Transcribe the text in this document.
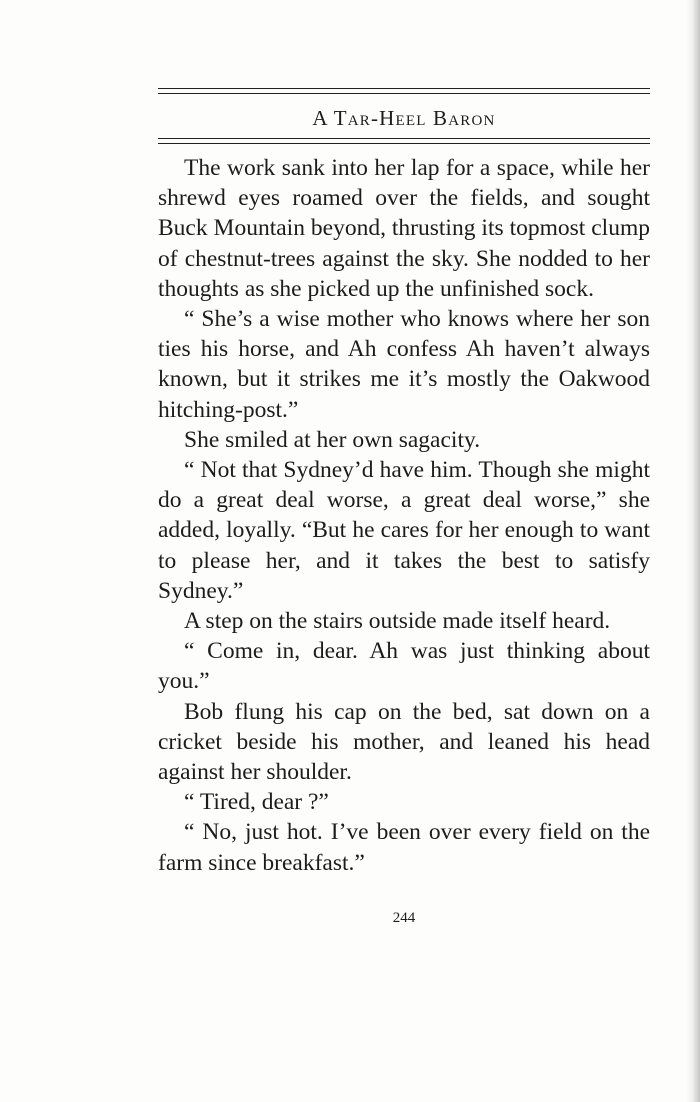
A Tar-Heel Baron

The work sank into her lap for a space, while her shrewd eyes roamed over the fields, and sought Buck Mountain beyond, thrusting its topmost clump of chestnut-trees against the sky. She nodded to her thoughts as she picked up the unfinished sock.

“ She’s a wise mother who knows where her son ties his horse, and Ah confess Ah haven’t always known, but it strikes me it’s mostly the Oakwood hitching-post.”

She smiled at her own sagacity.

“ Not that Sydney’d have him. Though she might do a great deal worse, a great deal worse,” she added, loyally. “But he cares for her enough to want to please her, and it takes the best to satisfy Sydney.”

A step on the stairs outside made itself heard.

“ Come in, dear. Ah was just thinking about you.”

Bob flung his cap on the bed, sat down on a cricket beside his mother, and leaned his head against her shoulder.

“ Tired, dear ?”

“ No, just hot. I’ve been over every field on the farm since breakfast.”

244
